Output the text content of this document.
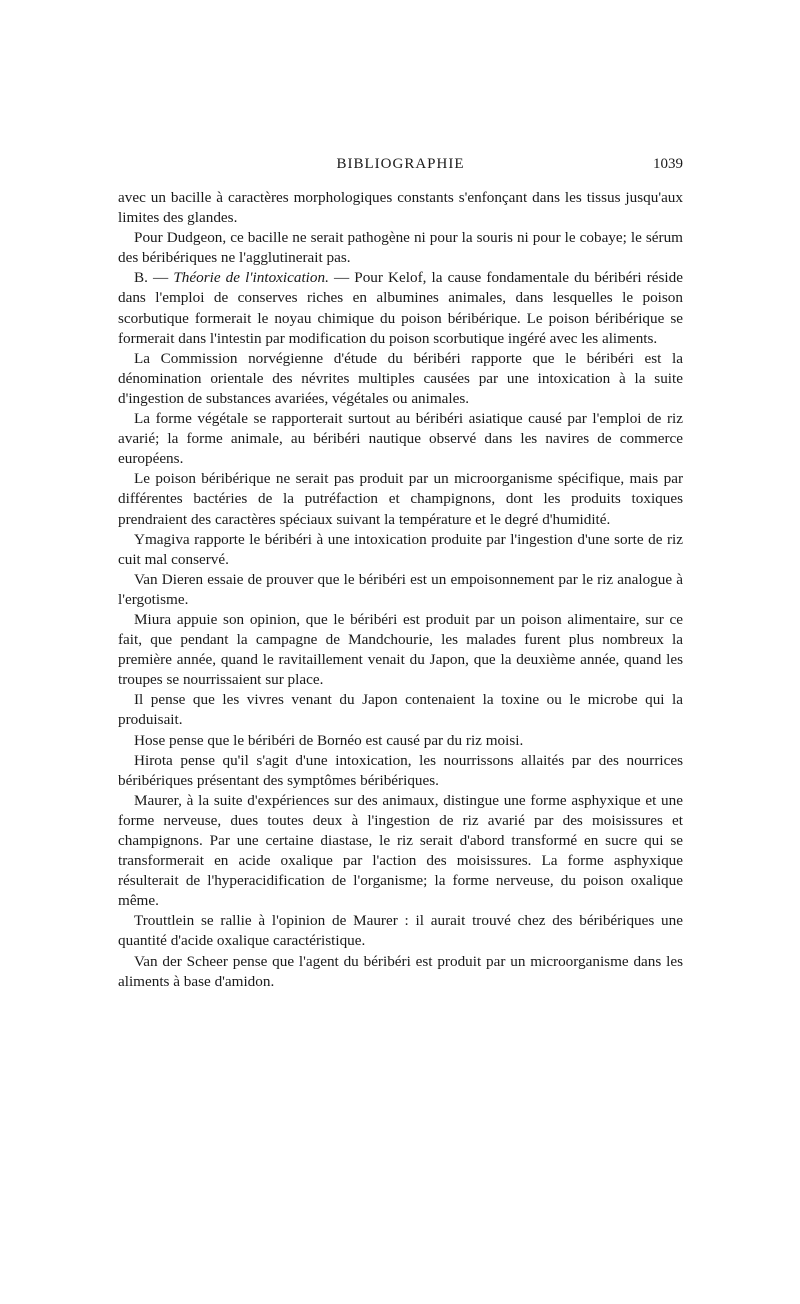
BIBLIOGRAPHIE	1039

avec un bacille à caractères morphologiques constants s'enfonçant dans les tissus jusqu'aux limites des glandes.

Pour Dudgeon, ce bacille ne serait pathogène ni pour la souris ni pour le cobaye; le sérum des béribériques ne l'agglutinerait pas.

B. — Théorie de l'intoxication. — Pour Kelof, la cause fondamentale du béribéri réside dans l'emploi de conserves riches en albumines animales, dans lesquelles le poison scorbutique formerait le noyau chimique du poison béribérique. Le poison béribérique se formerait dans l'intestin par modification du poison scorbutique ingéré avec les aliments.

La Commission norvégienne d'étude du béribéri rapporte que le béribéri est la dénomination orientale des névrites multiples causées par une intoxication à la suite d'ingestion de substances avariées, végétales ou animales.

La forme végétale se rapporterait surtout au béribéri asiatique causé par l'emploi de riz avarié; la forme animale, au béribéri nautique observé dans les navires de commerce européens.

Le poison béribérique ne serait pas produit par un microorganisme spécifique, mais par différentes bactéries de la putréfaction et champignons, dont les produits toxiques prendraient des caractères spéciaux suivant la température et le degré d'humidité.

Ymagiva rapporte le béribéri à une intoxication produite par l'ingestion d'une sorte de riz cuit mal conservé.

Van Dieren essaie de prouver que le béribéri est un empoisonnement par le riz analogue à l'ergotisme.

Miura appuie son opinion, que le béribéri est produit par un poison alimentaire, sur ce fait, que pendant la campagne de Mandchourie, les malades furent plus nombreux la première année, quand le ravitaillement venait du Japon, que la deuxième année, quand les troupes se nourrissaient sur place.

Il pense que les vivres venant du Japon contenaient la toxine ou le microbe qui la produisait.

Hose pense que le béribéri de Bornéo est causé par du riz moisi.

Hirota pense qu'il s'agit d'une intoxication, les nourrissons allaités par des nourrices béribériques présentant des symptômes béribériques.

Maurer, à la suite d'expériences sur des animaux, distingue une forme asphyxique et une forme nerveuse, dues toutes deux à l'ingestion de riz avarié par des moisissures et champignons. Par une certaine diastase, le riz serait d'abord transformé en sucre qui se transformerait en acide oxalique par l'action des moisissures. La forme asphyxique résulterait de l'hyperacidification de l'organisme; la forme nerveuse, du poison oxalique même.

Trouttlein se rallie à l'opinion de Maurer : il aurait trouvé chez des béribériques une quantité d'acide oxalique caractéristique.

Van der Scheer pense que l'agent du béribéri est produit par un microorganisme dans les aliments à base d'amidon.
